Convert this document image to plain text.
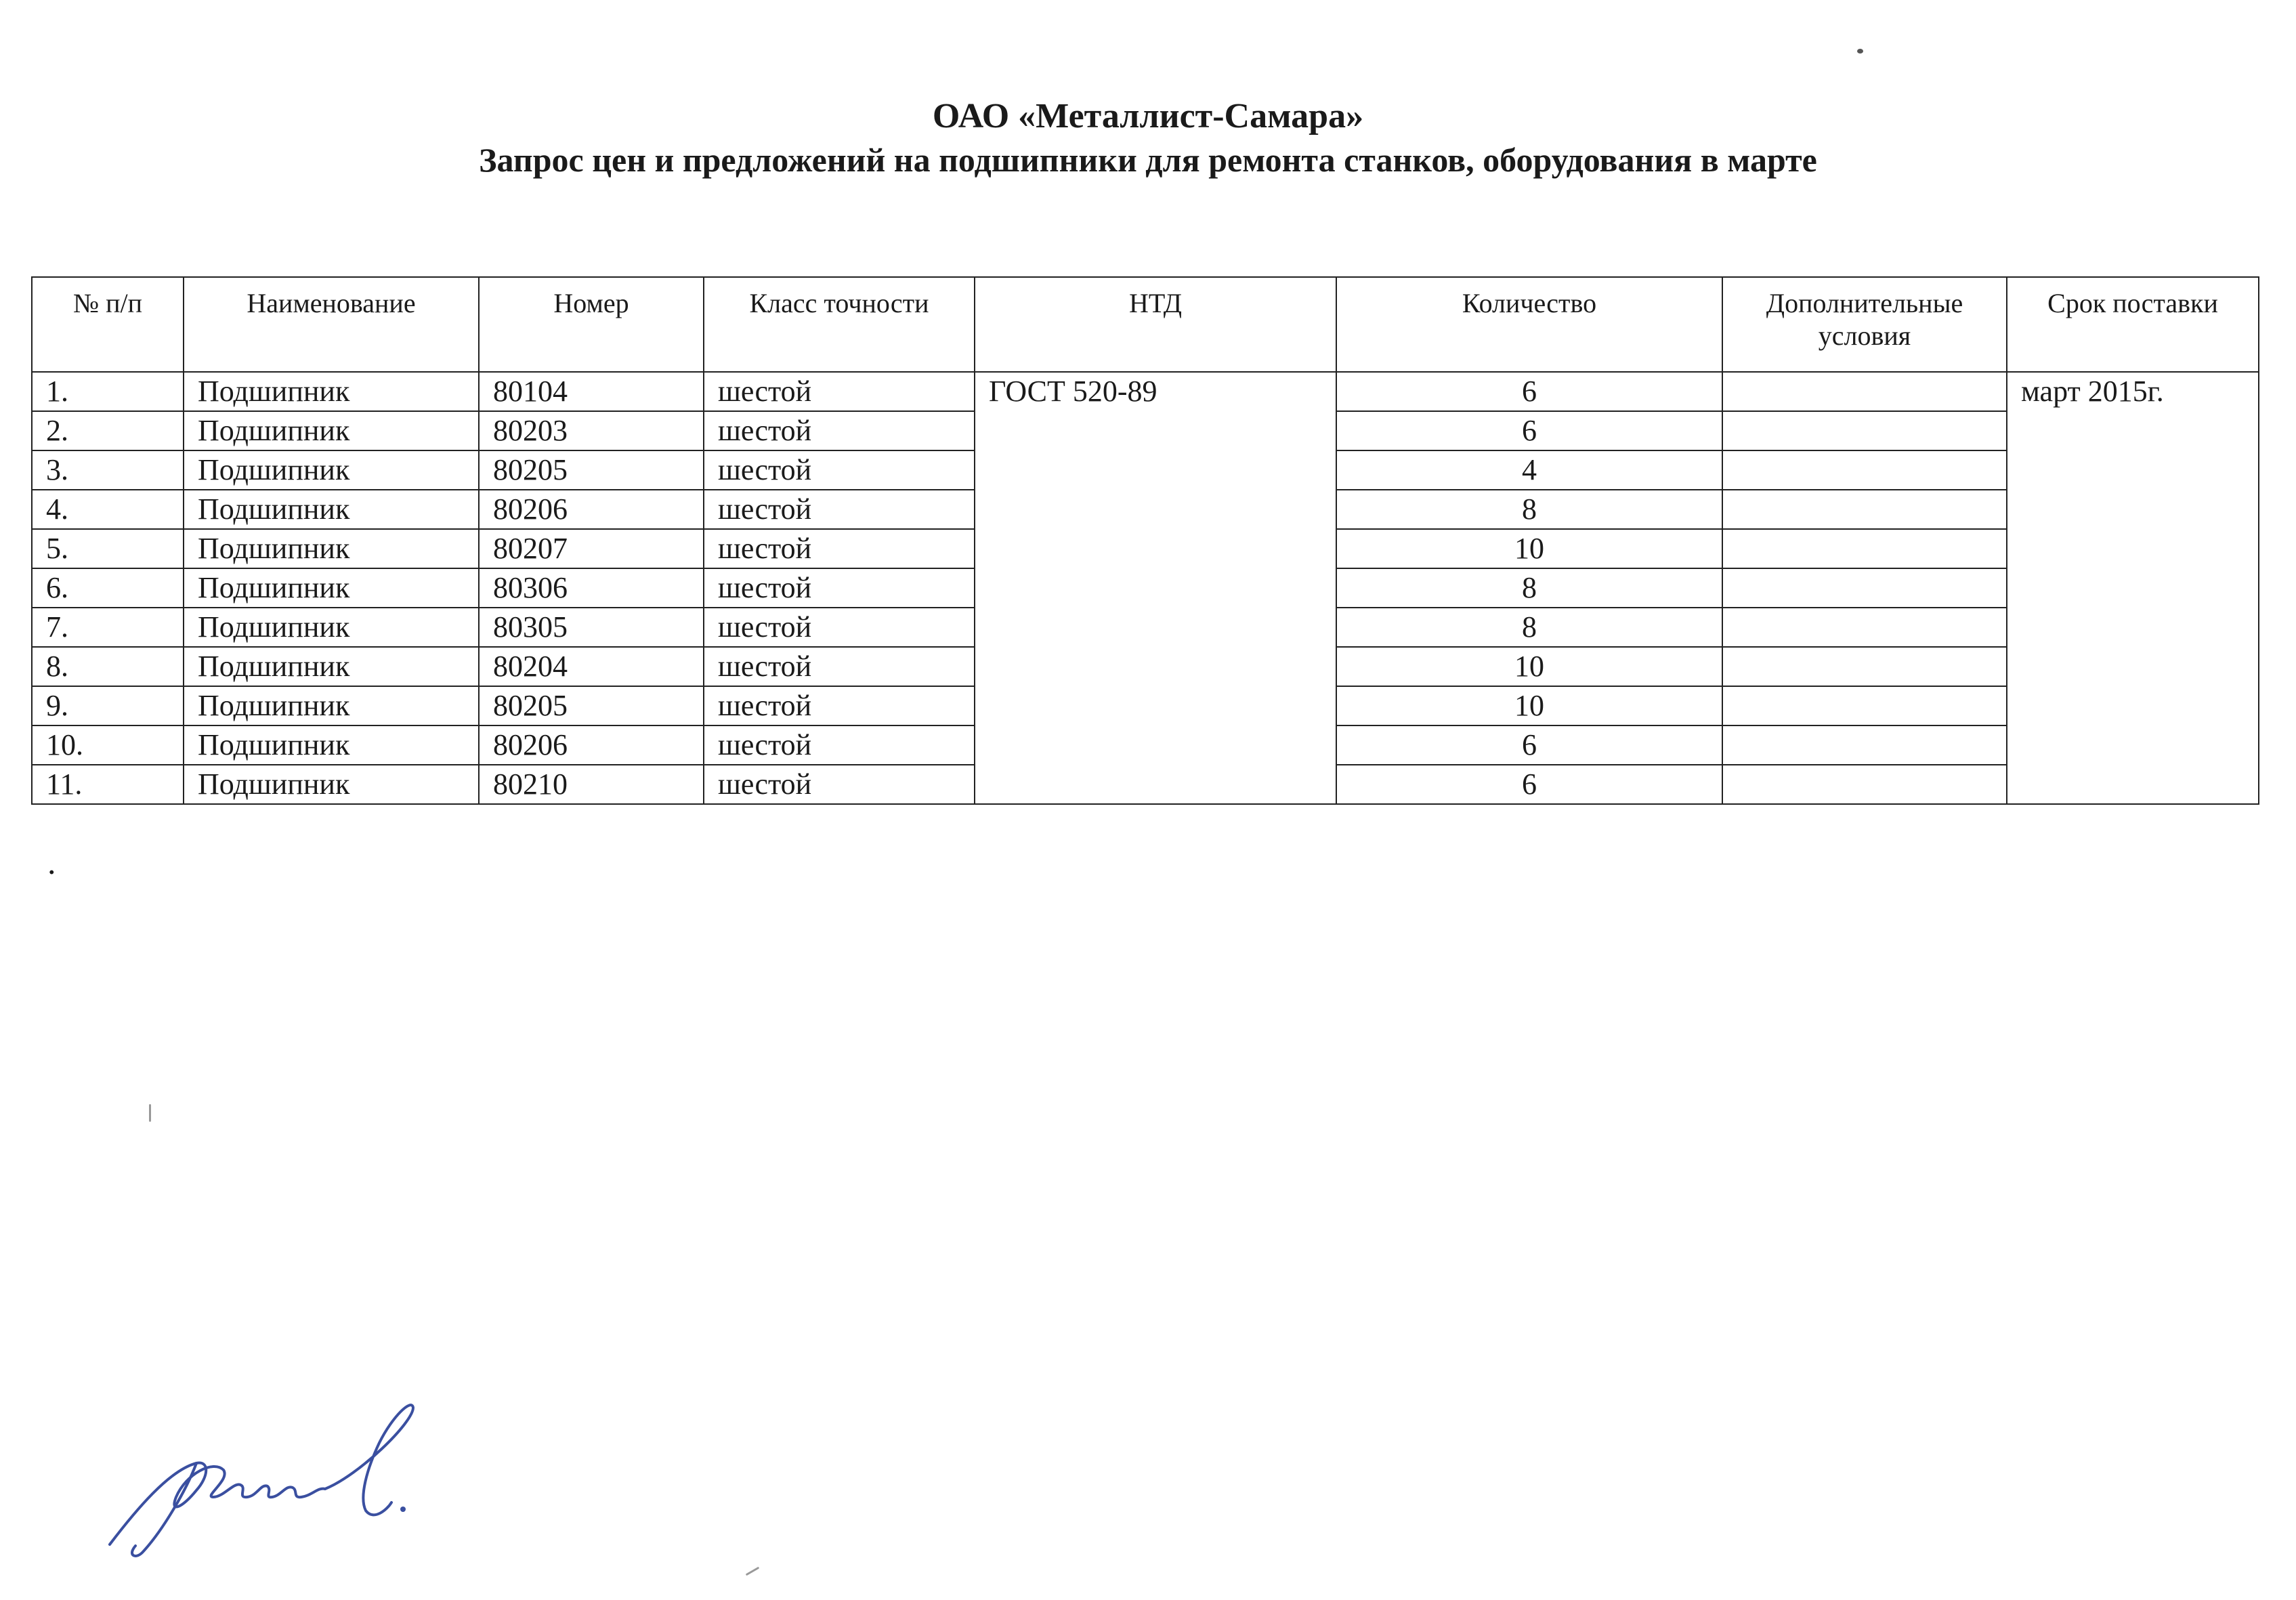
ОАО «Металлист-Самара»
Запрос цен и предложений на подшипники для ремонта станков, оборудования в марте
№ п/п	Наименование	Номер	Класс точности	НТД	Количество	Дополнительные условия	Срок поставки
1.	Подшипник	80104	шестой	ГОСТ 520-89	6		март 2015г.
2.	Подшипник	80203	шестой		6		
3.	Подшипник	80205	шестой		4		
4.	Подшипник	80206	шестой		8		
5.	Подшипник	80207	шестой		10		
6.	Подшипник	80306	шестой		8		
7.	Подшипник	80305	шестой		8		
8.	Подшипник	80204	шестой		10		
9.	Подшипник	80205	шестой		10		
10.	Подшипник	80206	шестой		6		
11.	Подшипник	80210	шестой		6		
.
